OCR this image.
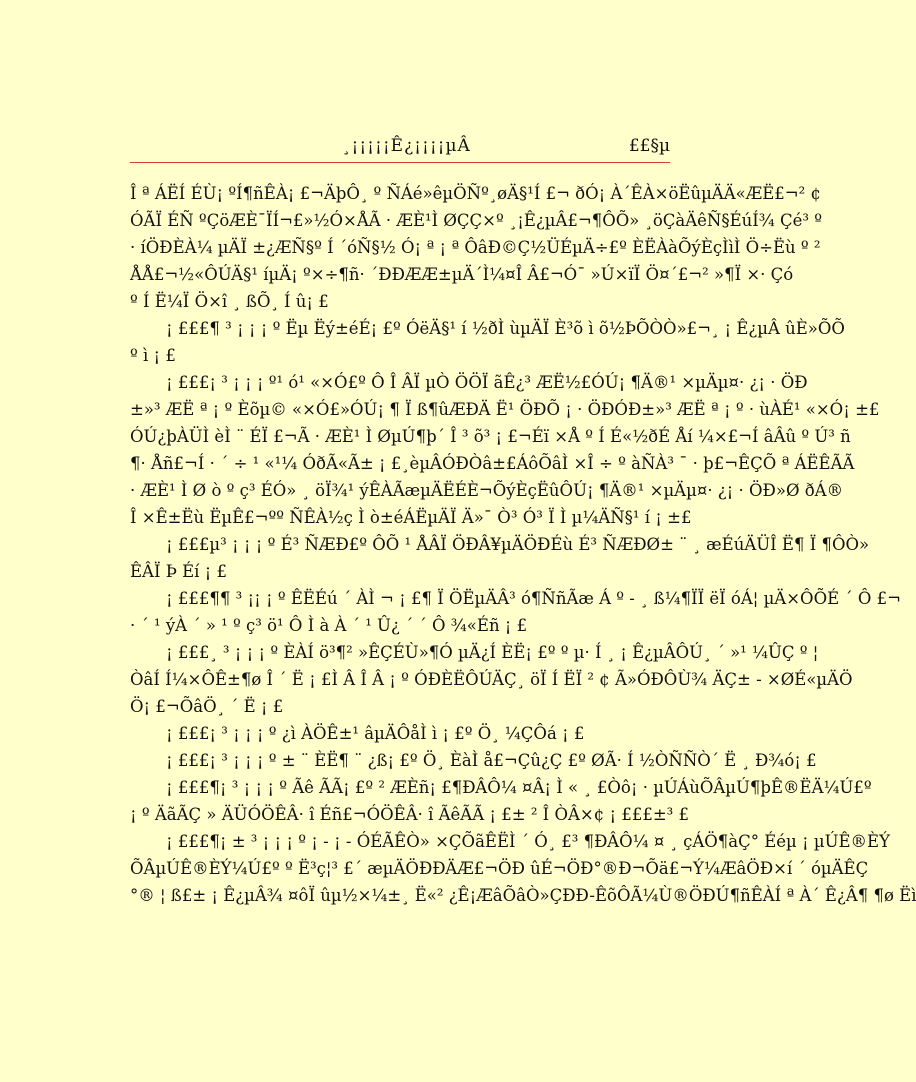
¸¡¡¡¡¡Ê¿¡¡¡¡µÂ	££§µ
Î ª ÁËÍ ÉÙ¡ ºÍ¶ñÊÀ¡ £¬ÄþÔ¸ º ÑÁé»êµÖÑº¸øÄ§¹Í £¬ ðÓ¡ À´ÊÀ×öËûµÄÄ«ÆË£¬² ¢
ÓÃÏ ÉÑ ºÇöÆÈ¯ÏÍ¬£»½Ó×ÅÃ · ÆÈ¹Ì ØÇÇ×º ¸¡Ê¿µÂ£¬¶ÔÕ» ¸öÇàÄêÑ§ÉúÍ¾ Çé³ º
· íÖÐÈÀ¼ µÄÏ ±¿ÆÑ§º Í ´óÑ§½ Ó¡ ª ¡ ª ÔâÐ©Ç½ÜÉµÄ÷£º ÈËÀàÕýÈçÌìÌ Ö÷Ëù º ²
ÅÅ£¬½«ÔÚÄ§¹ íµÄ¡ º×÷¶ñ· ´ÐÐÆÆ±µÄ´Ì¼¤Î Â£¬Ó¯ »Ú×ïÏ Ö¤´£¬² »¶Ï ×· Çó
º Í Ë¼Ï Ö×î ¸ ßÕ¸ Í û¡ £
¡ £££¶ ³ ¡ ¡ ¡ º Ëµ Ëý±éÉ¡ £º ÓëÄ§¹ í ½ðÌ ùµÄÏ È³õ ì õ½ÞÕÒÒ»£¬¸ ¡ Ê¿µÂ ûÈ»ÕÕ
º ì ¡ £
¡ £££¡ ³ ¡ ¡ ¡ º¹ ó¹ «×Ó£º Ô Î ÂÏ µÒ ÖÖÏ ãÊ¿³ ÆË½£ÓÚ¡ ¶Ä®¹ ×µÄµ¤· ¿¡ · ÖÐ
±»³ ÆË ª ¡ º Èõµ© «×Ó£»ÓÚ¡ ¶ Ï ß¶ûÆÐÄ Ë¹ ÖÐÕ ¡ · ÖÐÓÐ±»³ ÆË ª ¡ º · ùÀÉ¹ «×Ó¡ ±£
ÓÚ¿þÀÜÌ èÌ ¨ ÉÏ £¬Ã · ÆÈ¹ Ì ØµÚ¶þ´ Î ³ õ³ ¡ £¬Éï ×Å º Í É«½ðÉ Åí ¼×£¬Í âÂû º Ú³ ñ
¶· Åñ£¬Í · ´ ÷ ¹ «¹¼ ÓðÃ«Ã± ¡ £¸èµÂÓÐÒâ±£ÁôÕâÌ ×Î ÷ º àÑÀ³ ¯ · þ£¬ÊÇÕ ª ÁËÊÃÃ
· ÆÈ¹ Ì Ø ò º ç³ ÉÓ» ¸ öÏ¾¹ ýÊÀÃæµÄËÉÈ¬ÕýÈçËûÔÚ¡ ¶Ä®¹ ×µÄµ¤· ¿¡ · ÖÐ»Ø ðÁ®
Î ×Ê±Ëù ËµÊ£¬ºº ÑÊÀ½ç Ì ò±éÁËµÄÏ Ä»¯ Ò³ Ó³ Ï Ì µ¼ÄÑ§¹ í ¡ ±£
¡ £££µ³ ¡ ¡ ¡ º É³ ÑÆÐ£º ÔÕ ¹ ÅÂÏ ÖÐÂ¥µÄÖÐÉù É³ ÑÆÐØ± ¨ ¸ æÉúÄÜÎ Ë¶ Ï ¶ÔÒ»
ÊÂÏ Þ Éí ¡ £
¡ £££¶¶ ³ ¡¡ ¡ º ÊËÉú ´ ÀÌ ¬ ¡ £¶ Ï ÖËµÄÂ³ ó¶ÑñÃæ Á º - ¸ ß¼¶ÏÏ ëÏ óÁ¦ µÄ×ÔÕÉ ´ Ô £¬
· ´ ¹ ýÀ ´ » ¹ º ç³ ö¹ Ô Ì à À ´ ¹ Û¿ ´ ´ Ô ¾«Éñ ¡ £
¡ £££¸ ³ ¡ ¡ ¡ º ÈÀÍ ö³¶² »ÊÇÉÙ»¶Ó µÄ¿Í ÈË¡ £º º µ· Í ¸ ¡ Ê¿µÂÔÚ¸ ´ »¹ ¼ÛÇ º ¦
ÒâÍ Í¼×ÔÊ±¶ø Î ´ Ë ¡ £Ì Â Î Â ¡ º ÓÐÈËÔÚÄÇ¸ öÏ Í ËÏ ² ¢ Ã»ÓÐÔÙ¾ ÄÇ± - ×ØÉ«µÄÖ
Ö¡ £¬ÕâÖ¸ ´ Ë ¡ £
¡ £££¡ ³ ¡ ¡ ¡ º ¿ì ÀÖÊ±¹ âµÄÔåÌ ì ¡ £º Ö¸ ¼ÇÔá ¡ £
¡ £££¡ ³ ¡ ¡ ¡ º ± ¨ ÈË¶ ¨ ¿ß¡ £º Ö¸ ÈàÌ å£¬Çû¿Ç £º ØÃ· Í ½ÒÑÑÒ´ Ë ¸ Ð¾ó¡ £
¡ £££¶¡ ³ ¡ ¡ ¡ º Ãê ÃÃ¡ £º ² ÆÈñ¡ £¶ÐÂÔ¼ ¤Â¡ Ì « ¸ £Òô¡ · µÚÁùÕÂµÚ¶þÊ®ËÄ¼Ú£º
¡ º ÄãÃÇ » ÄÜÓÖÊÂ· î Éñ£¬ÓÖÊÂ· î ÃêÃÃ ¡ £± ² Î ÒÂ×¢ ¡ £££±³ £
¡ £££¶¡ ± ³ ¡ ¡ ¡ º ¡ - ¡ - ÓÉÃÊÒ» ×ÇÕãÊËÌ ´ Ó¸ £³ ¶ÐÂÔ¼ ¤ ¸ çÁÖ¶àÇ° Ééµ ¡ µÚÊ®ÈÝ
ÕÂµÚÊ®ÈÝ¼Ú£º º Ë³ç¦³ £´ æµÄÖÐÐÄÆ£¬ÖÐ ûÉ¬ÖÐ°®Ð¬Õä£¬Ý¼ÆâÖÐ×í ´ óµÄÊÇ
°® ¦ ß£± ¡ Ê¿µÂ¾ ¤ôÏ ûµ½×¼±¸ Ë«² ¿Ê¡ÆâÕâÒ»ÇÐÐ-ÊõÔÃ¼Ù®ÖÐÚ¶ñÊÀÍ ª À´ Ê¿Â¶ ¶ø Ëì
